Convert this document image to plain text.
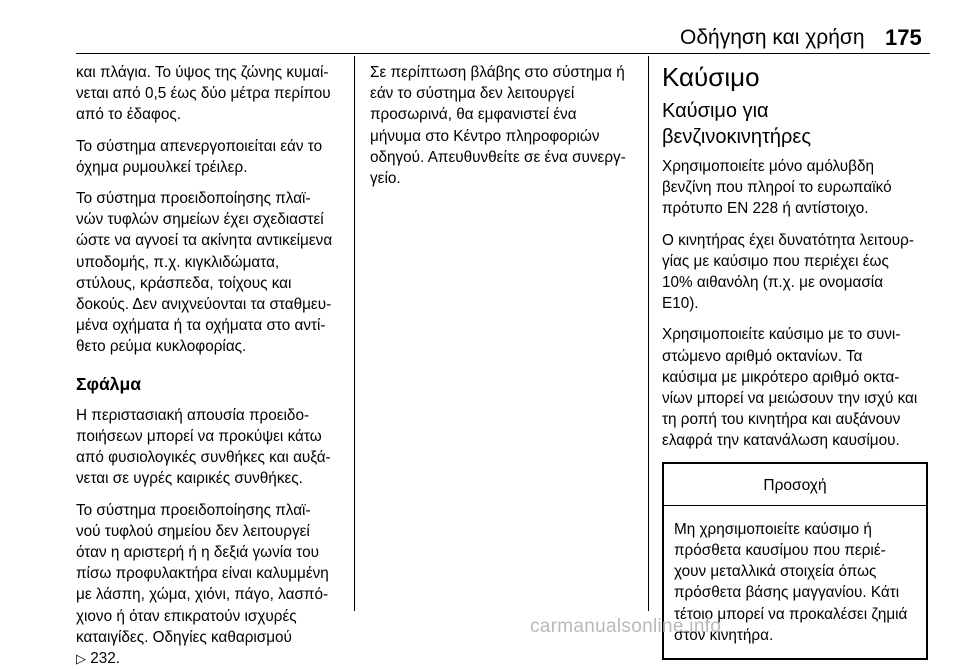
Οδήγηση και χρήση 175

και πλάγια. Το ύψος της ζώνης κυμαί-
νεται από 0,5 έως δύο μέτρα περίπου
από το έδαφος.

Το σύστημα απενεργοποιείται εάν το
όχημα ρυμουλκεί τρέιλερ.

Το σύστημα προειδοποίησης πλαϊ-
νών τυφλών σημείων έχει σχεδιαστεί
ώστε να αγνοεί τα ακίνητα αντικείμενα
υποδομής, π.χ. κιγκλιδώματα,
στύλους, κράσπεδα, τοίχους και
δοκούς. Δεν ανιχνεύονται τα σταθμευ-
μένα οχήματα ή τα οχήματα στο αντί-
θετο ρεύμα κυκλοφορίας.

Σφάλμα

Η περιστασιακή απουσία προειδο-
ποιήσεων μπορεί να προκύψει κάτω
από φυσιολογικές συνθήκες και αυξά-
νεται σε υγρές καιρικές συνθήκες.

Το σύστημα προειδοποίησης πλαϊ-
νού τυφλού σημείου δεν λειτουργεί
όταν η αριστερή ή η δεξιά γωνία του
πίσω προφυλακτήρα είναι καλυμμένη
με λάσπη, χώμα, χιόνι, πάγο, λασπό-
χιονο ή όταν επικρατούν ισχυρές
καταιγίδες. Οδηγίες καθαρισμού

▷ 232.

Σε περίπτωση βλάβης στο σύστημα ή
εάν το σύστημα δεν λειτουργεί
προσωρινά, θα εμφανιστεί ένα
μήνυμα στο Κέντρο πληροφοριών
οδηγού. Απευθυνθείτε σε ένα συνεργ-
γείο.

Καύσιμο
Καύσιμο για
βενζινοκινητήρες

Χρησιμοποιείτε μόνο αμόλυβδη
βενζίνη που πληροί το ευρωπαϊκό
πρότυπο EN 228 ή αντίστοιχο.

Ο κινητήρας έχει δυνατότητα λειτουρ-
γίας με καύσιμο που περιέχει έως
10% αιθανόλη (π.χ. με ονομασία
E10).

Χρησιμοποιείτε καύσιμο με το συνι-
στώμενο αριθμό οκτανίων. Τα
καύσιμα με μικρότερο αριθμό οκτα-
νίων μπορεί να μειώσουν την ισχύ και
τη ροπή του κινητήρα και αυξάνουν
ελαφρά την κατανάλωση καυσίμου.

Προσοχή
Μη χρησιμοποιείτε καύσιμο ή
πρόσθετα καυσίμου που περιέ-
χουν μεταλλικά στοιχεία όπως
πρόσθετα βάσης μαγγανίου. Κάτι
τέτοιο μπορεί να προκαλέσει ζημιά
στον κινητήρα.
carmanualsonline.info
